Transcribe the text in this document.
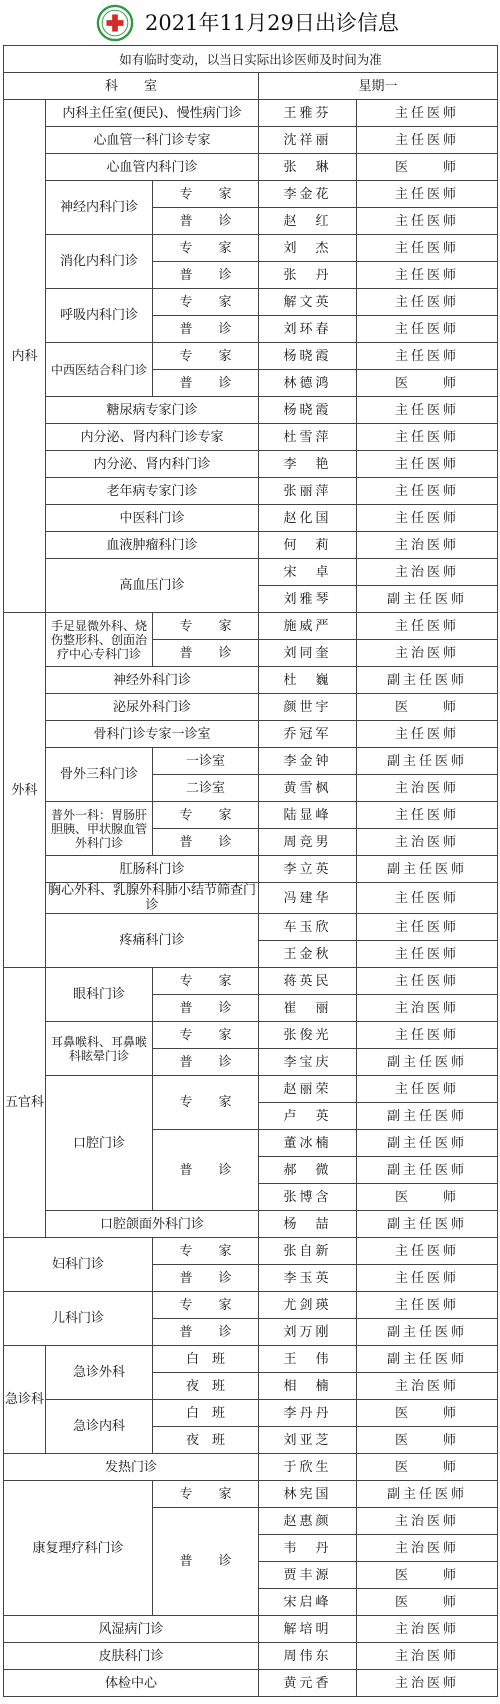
2021年11月29日出诊信息
如有临时变动，以当日实际出诊医师及时间为准				
科　　室			星期一	
内科	内科主任室(便民)、慢性病门诊		王雅芬	主任医师
	心血管一科门诊专家		沈祥丽	主任医师
	心血管内科门诊		张　琳	医　　师
	神经内科门诊	专　　家	李金花	主任医师
		普　　诊	赵　红	主任医师
	消化内科门诊	专　　家	刘　杰	主任医师
		普　　诊	张　丹	主任医师
	呼吸内科门诊	专　　家	解文英	主任医师
		普　　诊	刘环春	主任医师
	中西医结合科门诊	专　　家	杨晓霞	主任医师
		普　　诊	林德鸿	医　　师
	糖尿病专家门诊		杨晓霞	主任医师
	内分泌、肾内科门诊专家		杜雪萍	主任医师
	内分泌、肾内科门诊		李　艳	主任医师
	老年病专家门诊		张丽萍	主任医师
	中医科门诊		赵化国	主任医师
	血液肿瘤科门诊		何　莉	主治医师
	高血压门诊		宋　卓	主治医师
			刘雅琴	副主任医师
外科	手足显微外科、烧伤整形科、创面治疗中心专科门诊	专　　家	施威严	主任医师
		普　　诊	刘同奎	主治医师
	神经外科门诊		杜　巍	副主任医师
	泌尿外科门诊		颜世宇	医　　师
	骨科门诊专家一诊室		乔冠军	主任医师
	骨外三科门诊	一诊室	李金钟	副主任医师
		二诊室	黄雪枫	主治医师
	普外一科：胃肠肝胆胰、甲状腺血管外科门诊	专　　家	陆显峰	主任医师
		普　　诊	周竞男	主治医师
	肛肠科门诊		李立英	副主任医师
	胸心外科、乳腺外科肺小结节筛查门诊		冯建华	主任医师
	疼痛科门诊		车玉欣	主任医师
			王金秋	主任医师
五官科	眼科门诊	专　　家	蒋英民	主任医师
		普　　诊	崔　丽	主治医师
	耳鼻喉科、耳鼻喉科眩晕门诊	专　　家	张俊光	主任医师
		普　　诊	李宝庆	副主任医师
	口腔门诊	专　　家	赵丽荣	主任医师
			卢　英	副主任医师
		普　　诊	董冰楠	副主任医师
			郝　微	副主任医师
			张博含	医　　师
	口腔颌面外科门诊		杨　喆	副主任医师
妇科门诊		专　　家	张自新	主任医师
		普　　诊	李玉英	主任医师
儿科门诊		专　　家	尤剑瑛	主任医师
		普　　诊	刘万刚	副主任医师
急诊科	急诊外科	白　班	王　伟	副主任医师
		夜　班	相　楠	主治医师
	急诊内科	白　班	李丹丹	医　　师
		夜　班	刘亚芝	医　　师
发热门诊			于欣生	医　　师
康复理疗科门诊		专　　家	林宪国	副主任医师
		普　　诊	赵惠颜	主治医师
			韦　丹	主治医师
			贾丰源	医　　师
			宋启峰	医　　师
风湿病门诊			解培明	主治医师
皮肤科门诊			周伟东	主治医师
体检中心			黄元香	主治医师
